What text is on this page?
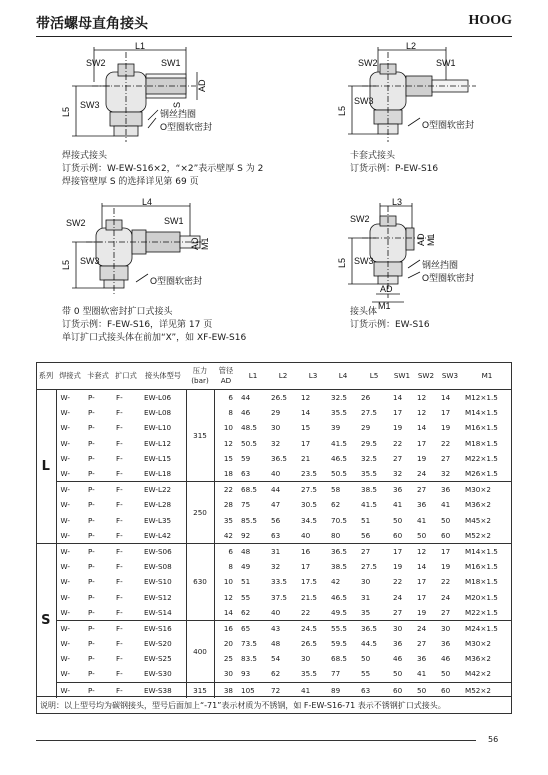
带活螺母直角接头	HOOG
L1
SW2	SW1
AD
L5
SW3	S
钢丝挡圈
O型圈软密封
L2
SW2	SW1
L5
SW3
O型圈软密封
焊接式接头
订货示例：W-EW-S16×2，“×2”表示壁厚 S 为 2
焊接管壁厚 S 的选择详见第 69 页
卡套式接头
订货示例：P-EW-S16
L4
SW2	SW1
AD M1
L5 SW3
O型圈软密封
L3
SW2
AD M1
L5 SW3	钢丝挡圈
O型圈软密封
AD
M1
带 0 型圈软密封扩口式接头
订货示例：F-EW-S16，详见第 17 页
单订扩口式接头体在前加“X”，如 XF-EW-S16
接头体
订货示例：EW-S16
系列	焊接式	卡套式	扩口式	接头体型号	压力(bar)	管径AD	L1	L2	L3	L4	L5	SW1	SW2	SW3	M1
L	W-	P-	F-	EW-L06	315	6	44	26.5	12	32.5	26	14	12	14	M12×1.5
	W-	P-	F-	EW-L08		8	46	29	14	35.5	27.5	17	12	17	M14×1.5
	W-	P-	F-	EW-L10		10	48.5	30	15	39	29	19	14	19	M16×1.5
	W-	P-	F-	EW-L12		12	50.5	32	17	41.5	29.5	22	17	22	M18×1.5
	W-	P-	F-	EW-L15		15	59	36.5	21	46.5	32.5	27	19	27	M22×1.5
	W-	P-	F-	EW-L18		18	63	40	23.5	50.5	35.5	32	24	32	M26×1.5
	W-	P-	F-	EW-L22	250	22	68.5	44	27.5	58	38.5	36	27	36	M30×2
	W-	P-	F-	EW-L28		28	75	47	30.5	62	41.5	41	36	41	M36×2
	W-	P-	F-	EW-L35		35	85.5	56	34.5	70.5	51	50	41	50	M45×2
	W-	P-	F-	EW-L42		42	92	63	40	80	56	60	50	60	M52×2
S	W-	P-	F-	EW-S06	630	6	48	31	16	36.5	27	17	12	17	M14×1.5
	W-	P-	F-	EW-S08		8	49	32	17	38.5	27.5	19	14	19	M16×1.5
	W-	P-	F-	EW-S10		10	51	33.5	17.5	42	30	22	17	22	M18×1.5
	W-	P-	F-	EW-S12		12	55	37.5	21.5	46.5	31	24	17	24	M20×1.5
	W-	P-	F-	EW-S14		14	62	40	22	49.5	35	27	19	27	M22×1.5
	W-	P-	F-	EW-S16	400	16	65	43	24.5	55.5	36.5	30	24	30	M24×1.5
	W-	P-	F-	EW-S20		20	73.5	48	26.5	59.5	44.5	36	27	36	M30×2
	W-	P-	F-	EW-S25		25	83.5	54	30	68.5	50	46	36	46	M36×2
	W-	P-	F-	EW-S30		30	93	62	35.5	77	55	50	41	50	M42×2
	W-	P-	F-	EW-S38	315	38	105	72	41	89	63	60	50	60	M52×2
说明：以上型号均为碳钢接头，型号后面加上“-71”表示材质为不锈钢，如 F-EW-S16-71 表示不锈钢扩口式接头。
56
